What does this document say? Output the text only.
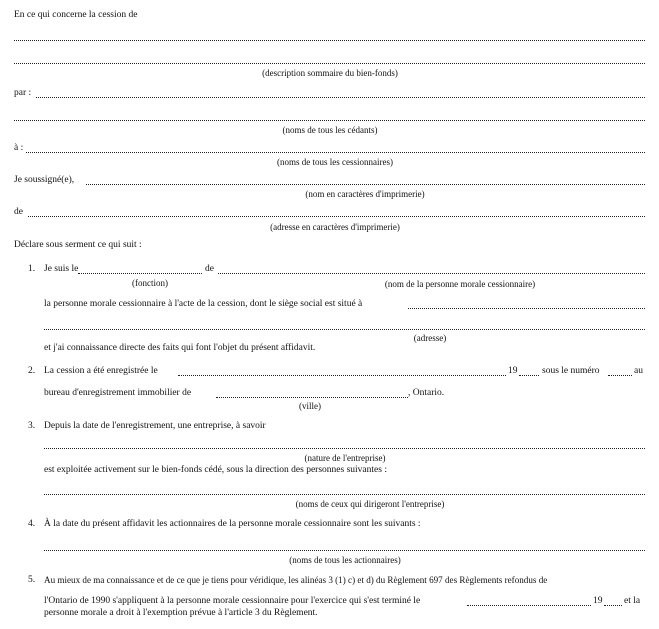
En ce qui concerne la cession de
(description sommaire du bien-fonds)
par :
(noms de tous les cédants)
à :
(noms de tous les cessionnaires)
Je soussigné(e),
(nom en caractères d'imprimerie)
de
(adresse en caractères d'imprimerie)
Déclare sous serment ce qui suit :
1. Je suis le	de
(fonction)	(nom de la personne morale cessionnaire)
la personne morale cessionnaire à l'acte de la cession, dont le siège social est situé à
(adresse)
et j'ai connaissance directe des faits qui font l'objet du présent affidavit.
2. La cession a été enregistrée le	19	sous le numéro	au
bureau d'enregistrement immobilier de	, Ontario.
(ville)
3. Depuis la date de l'enregistrement, une entreprise, à savoir
(nature de l'entreprise)
est exploitée activement sur le bien-fonds cédé, sous la direction des personnes suivantes :
(noms de ceux qui dirigeront l'entreprise)
4. À la date du présent affidavit les actionnaires de la personne morale cessionnaire sont les suivants :
(noms de tous les actionnaires)
5. Au mieux de ma connaissance et de ce que je tiens pour véridique, les alinéas 3 (1) c) et d) du Règlement 697 des Règlements refondus de
l'Ontario de 1990 s'appliquent à la personne morale cessionnaire pour l'exercice qui s'est terminé le	19 et la
personne morale a droit à l'exemption prévue à l'article 3 du Règlement.
